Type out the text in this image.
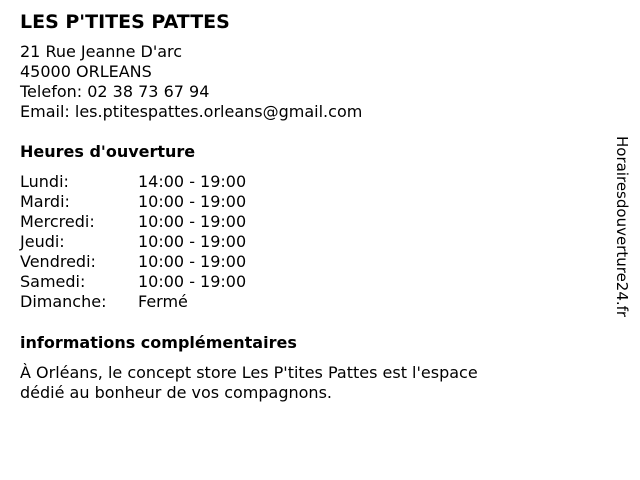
LES P'TITES PATTES
21 Rue Jeanne D'arc
45000 ORLEANS
Telefon: 02 38 73 67 94
Email: les.ptitespattes.orleans@gmail.com
Heures d'ouverture
Lundi:	14:00 - 19:00
Mardi:	10:00 - 19:00
Mercredi:	10:00 - 19:00
Jeudi:	10:00 - 19:00
Vendredi:	10:00 - 19:00
Samedi:	10:00 - 19:00
Dimanche:	Fermé
informations complémentaires
À Orléans, le concept store Les P'tites Pattes est l'espace
dédié au bonheur de vos compagnons.
Horairesdouverture24.fr
